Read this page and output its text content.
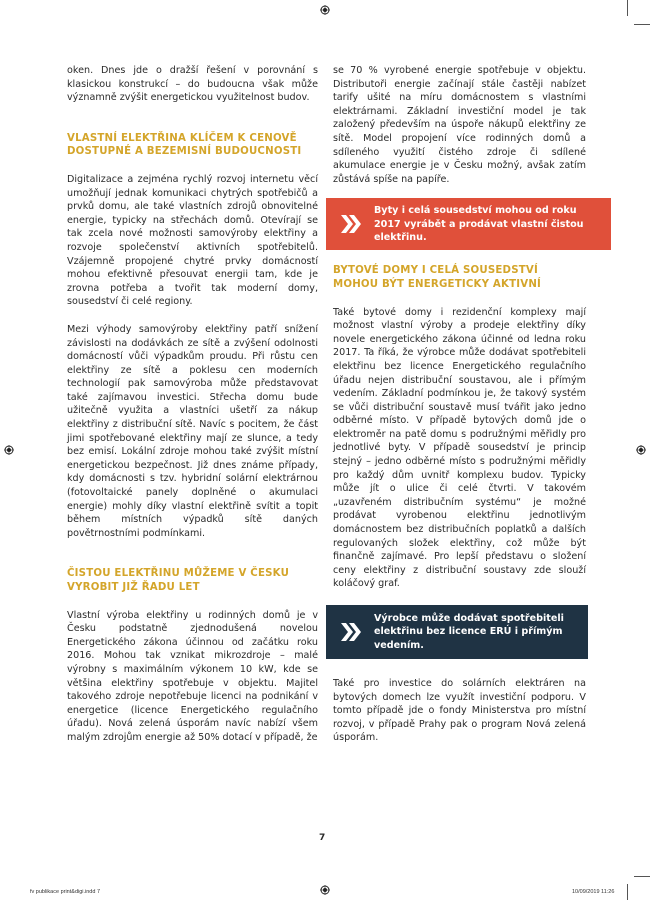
oken. Dnes jde o dražší řešení v porovnání s klasickou konstrukcí – do budoucna však může významně zvýšit energetickou využitelnost budov.

VLASTNÍ ELEKTŘINA KLÍČEM K CENOVĚ DOSTUPNÉ A BEZEMISNÍ BUDOUCNOSTI

Digitalizace a zejména rychlý rozvoj internetu věcí umožňují jednak komunikaci chytrých spotřebičů a prvků domu, ale také vlastních zdrojů obnovitelné energie, typicky na střechách domů. Otevírají se tak zcela nové možnosti samovýroby elektřiny a rozvoje společenství aktivních spotřebitelů. Vzájemně propojené chytré prvky domácností mohou efektivně přesouvat energii tam, kde je zrovna potřeba a tvořit tak moderní domy, sousedství či celé regiony.

Mezi výhody samovýroby elektřiny patří snížení závislosti na dodávkách ze sítě a zvýšení odolnosti domácností vůči výpadkům proudu. Při růstu cen elektřiny ze sítě a poklesu cen moderních technologií pak samovýroba může představovat také zajímavou investici. Střecha domu bude užitečně využita a vlastníci ušetří za nákup elektřiny z distribuční sítě. Navíc s pocitem, že část jimi spotřebované elektřiny mají ze slunce, a tedy bez emisí. Lokální zdroje mohou také zvýšit místní energetickou bezpečnost. Již dnes známe případy, kdy domácnosti s tzv. hybridní solární elektrárnou (fotovoltaické panely doplněné o akumulaci energie) mohly díky vlastní elektřině svítit a topit během místních výpadků sítě daných povětrnostními podmínkami.

ČISTOU ELEKTŘINU MŮŽEME V ČESKU VYROBIT JIŽ ŘADU LET

Vlastní výroba elektřiny u rodinných domů je v Česku podstatně zjednodušená novelou Energetického zákona účinnou od začátku roku 2016. Mohou tak vznikat mikrozdroje – malé výrobny s maximálním výkonem 10 kW, kde se většina elektřiny spotřebuje v objektu. Majitel takového zdroje nepotřebuje licenci na podnikání v energetice (licence Energetického regulačního úřadu). Nová zelená úsporám navíc nabízí všem malým zdrojům energie až 50% dotací v případě, že

se 70 % vyrobené energie spotřebuje v objektu. Distributoři energie začínají stále častěji nabízet tarify ušité na míru domácnostem s vlastními elektrárnami. Základní investiční model je tak založený především na úspoře nákupů elektřiny ze sítě. Model propojení více rodinných domů a sdíleného využití čistého zdroje či sdílené akumulace energie je v Česku možný, avšak zatím zůstává spíše na papíře.

Byty i celá sousedství mohou od roku 2017 vyrábět a prodávat vlastní čistou elektřinu.
BYTOVÉ DOMY I CELÁ SOUSEDSTVÍ MOHOU BÝT ENERGETICKY AKTIVNÍ

Také bytové domy i rezidenční komplexy mají možnost vlastní výroby a prodeje elektřiny díky novele energetického zákona účinné od ledna roku 2017. Ta říká, že výrobce může dodávat spotřebiteli elektřinu bez licence Energetického regulačního úřadu nejen distribuční soustavou, ale i přímým vedením. Základní podmínkou je, že takový systém se vůči distribuční soustavě musí tvářit jako jedno odběrné místo. V případě bytových domů jde o elektroměr na patě domu s podružnými měřidly pro jednotlivé byty. V případě sousedství je princip stejný – jedno odběrné místo s podružnými měřidly pro každý dům uvnitř komplexu budov. Typicky může jít o ulice či celé čtvrti. V takovém „uzavřeném distribučním systému“ je možné prodávat vyrobenou elektřinu jednotlivým domácnostem bez distribučních poplatků a dalších regulovaných složek elektřiny, což může být finančně zajímavé. Pro lepší představu o složení ceny elektřiny z distribuční soustavy zde slouží koláčový graf.

Výrobce může dodávat spotřebiteli elektřinu bez licence ERÚ i přímým vedením.

Také pro investice do solárních elektráren na bytových domech lze využít investiční podporu. V tomto případě jde o fondy Ministerstva pro místní rozvoj, v případě Prahy pak o program Nová zelená úsporám.

7
fv publikace print&digi.indd 7	10/09/2019 11:26
